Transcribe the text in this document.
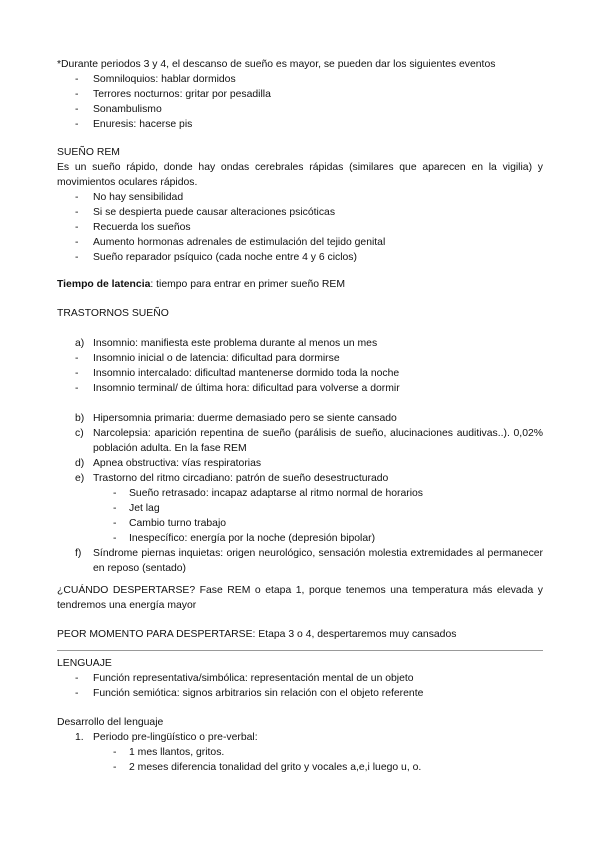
*Durante periodos 3 y 4, el descanso de sueño es mayor, se pueden dar los siguientes eventos
- Somniloquios: hablar dormidos
- Terrores nocturnos: gritar por pesadilla
- Sonambulismo
- Enuresis: hacerse pis
SUEÑO REM
Es un sueño rápido, donde hay ondas cerebrales rápidas (similares que aparecen en la vigilia) y movimientos oculares rápidos.
- No hay sensibilidad
- Si se despierta puede causar alteraciones psicóticas
- Recuerda los sueños
- Aumento hormonas adrenales de estimulación del tejido genital
- Sueño reparador psíquico (cada noche entre 4 y 6 ciclos)
Tiempo de latencia: tiempo para entrar en primer sueño REM
TRASTORNOS SUEÑO
a) Insomnio: manifiesta este problema durante al menos un mes
- Insomnio inicial o de latencia: dificultad para dormirse
- Insomnio intercalado: dificultad mantenerse dormido toda la noche
- Insomnio terminal/ de última hora: dificultad para volverse a dormir
b) Hipersomnia primaria: duerme demasiado pero se siente cansado
c) Narcolepsia: aparición repentina de sueño (parálisis de sueño, alucinaciones auditivas..). 0,02% población adulta. En la fase REM
d) Apnea obstructiva: vías respiratorias
e) Trastorno del ritmo circadiano: patrón de sueño desestructurado
- Sueño retrasado: incapaz adaptarse al ritmo normal de horarios
- Jet lag
- Cambio turno trabajo
- Inespecífico: energía por la noche (depresión bipolar)
f) Síndrome piernas inquietas: origen neurológico, sensación molestia extremidades al permanecer en reposo (sentado)
¿CUÁNDO DESPERTARSE? Fase REM o etapa 1, porque tenemos una temperatura más elevada y tendremos una energía mayor
PEOR MOMENTO PARA DESPERTARSE: Etapa 3 o 4, despertaremos muy cansados
LENGUAJE
- Función representativa/simbólica: representación mental de un objeto
- Función semiótica: signos arbitrarios sin relación con el objeto referente
Desarrollo del lenguaje
1. Periodo pre-lingüístico o pre-verbal:
- 1 mes llantos, gritos.
- 2 meses diferencia tonalidad del grito y vocales a,e,i luego u, o.
